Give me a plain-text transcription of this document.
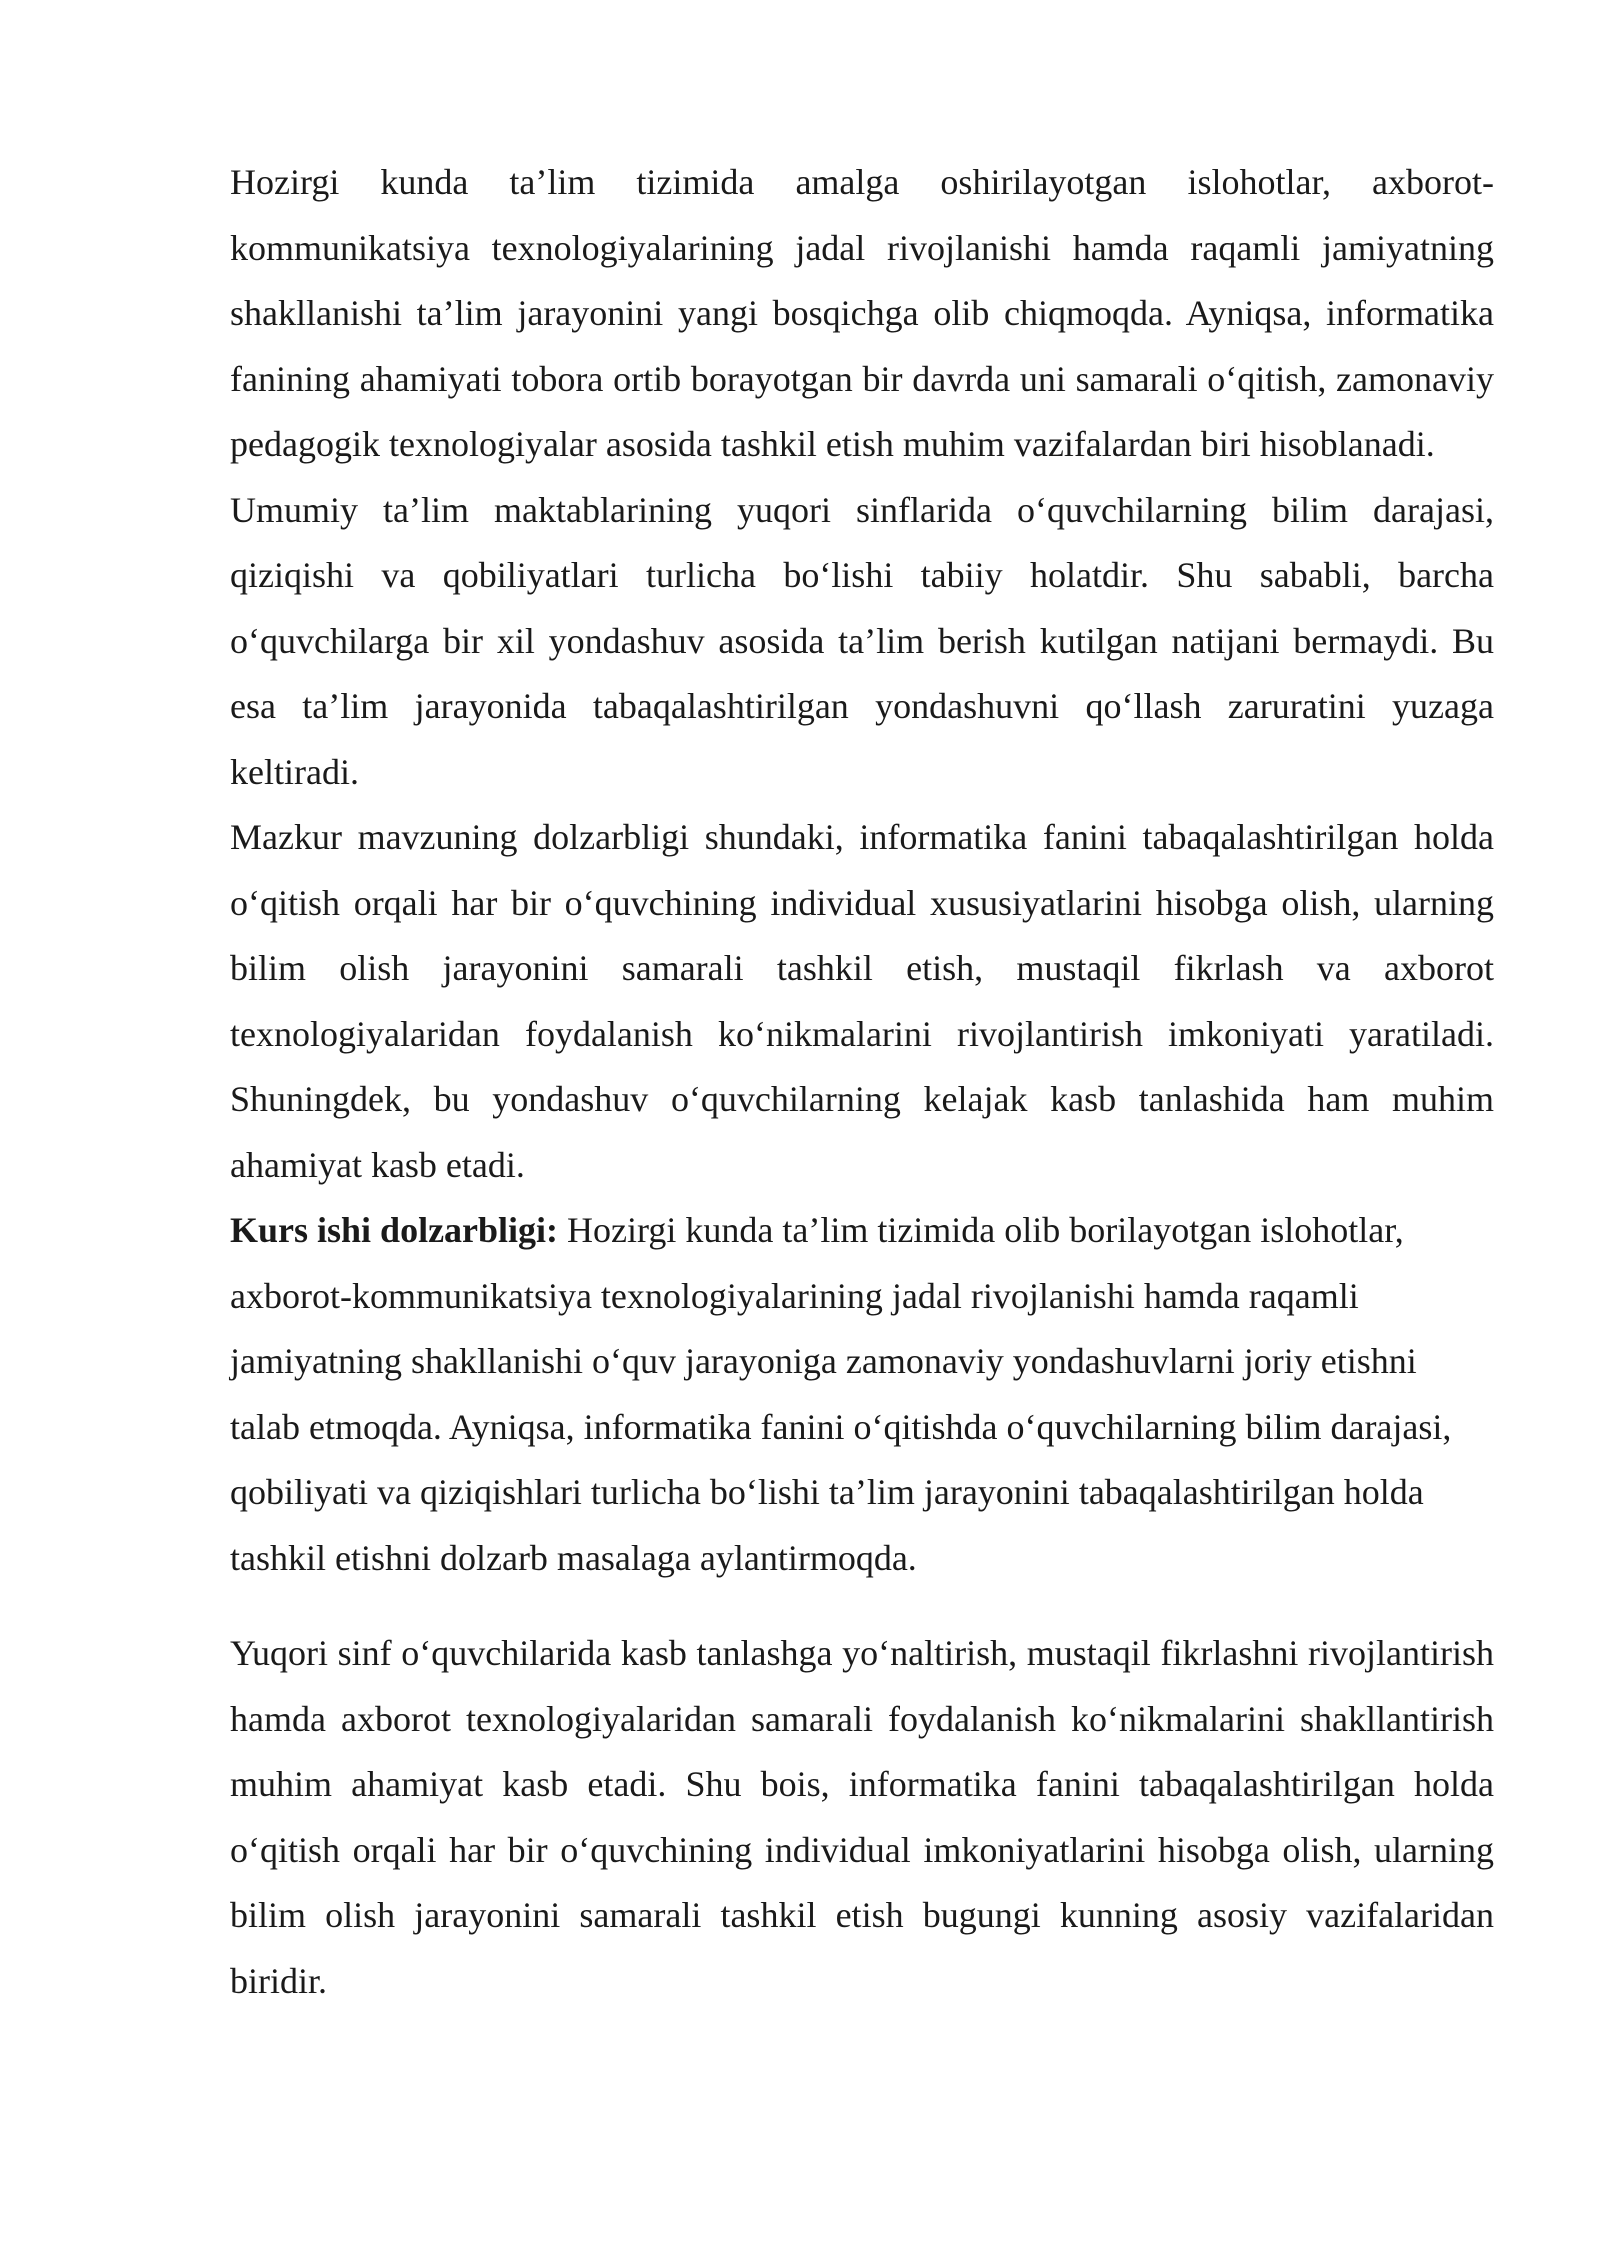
Hozirgi kunda ta’lim tizimida amalga oshirilayotgan islohotlar, axborot-kommunikatsiya texnologiyalarining jadal rivojlanishi hamda raqamli jamiyatning shakllanishi ta’lim jarayonini yangi bosqichga olib chiqmoqda. Ayniqsa, informatika fanining ahamiyati tobora ortib borayotgan bir davrda uni samarali o‘qitish, zamonaviy pedagogik texnologiyalar asosida tashkil etish muhim vazifalardan biri hisoblanadi.

Umumiy ta’lim maktablarining yuqori sinflarida o‘quvchilarning bilim darajasi, qiziqishi va qobiliyatlari turlicha bo‘lishi tabiiy holatdir. Shu sababli, barcha o‘quvchilarga bir xil yondashuv asosida ta’lim berish kutilgan natijani bermaydi. Bu esa ta’lim jarayonida tabaqalashtirilgan yondashuvni qo‘llash zaruratini yuzaga keltiradi.

Mazkur mavzuning dolzarbligi shundaki, informatika fanini tabaqalashtirilgan holda o‘qitish orqali har bir o‘quvchining individual xususiyatlarini hisobga olish, ularning bilim olish jarayonini samarali tashkil etish, mustaqil fikrlash va axborot texnologiyalaridan foydalanish ko‘nikmalarini rivojlantirish imkoniyati yaratiladi. Shuningdek, bu yondashuv o‘quvchilarning kelajak kasb tanlashida ham muhim ahamiyat kasb etadi.

Kurs ishi dolzarbligi: Hozirgi kunda ta’lim tizimida olib borilayotgan islohotlar, axborot-kommunikatsiya texnologiyalarining jadal rivojlanishi hamda raqamli jamiyatning shakllanishi o‘quv jarayoniga zamonaviy yondashuvlarni joriy etishni talab etmoqda. Ayniqsa, informatika fanini o‘qitishda o‘quvchilarning bilim darajasi, qobiliyati va qiziqishlari turlicha bo‘lishi ta’lim jarayonini tabaqalashtirilgan holda tashkil etishni dolzarb masalaga aylantirmoqda.

Yuqori sinf o‘quvchilarida kasb tanlashga yo‘naltirish, mustaqil fikrlashni rivojlantirish hamda axborot texnologiyalaridan samarali foydalanish ko‘nikmalarini shakllantirish muhim ahamiyat kasb etadi. Shu bois, informatika fanini tabaqalashtirilgan holda o‘qitish orqali har bir o‘quvchining individual imkoniyatlarini hisobga olish, ularning bilim olish jarayonini samarali tashkil etish bugungi kunning asosiy vazifalaridan biridir.
